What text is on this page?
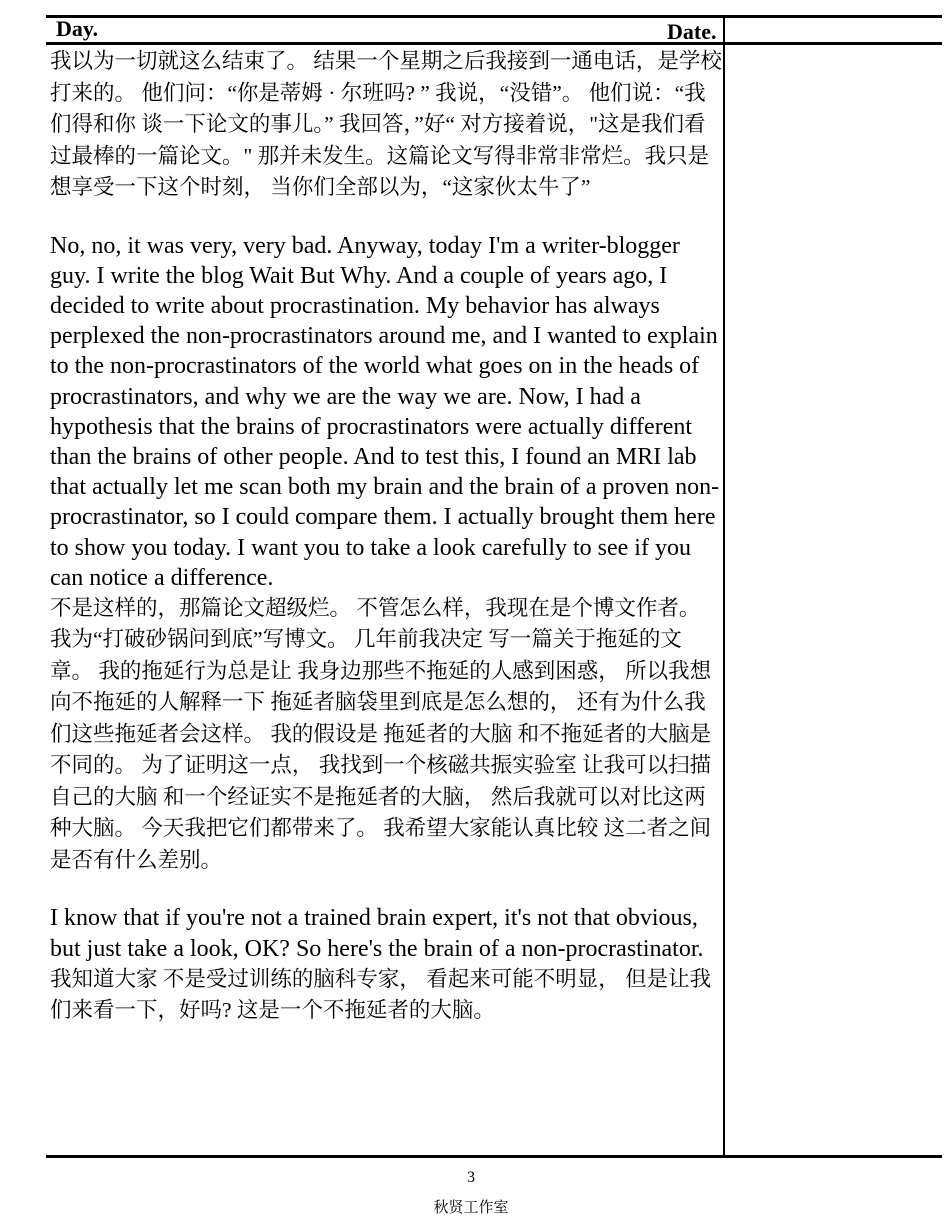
Day.	Date.

我以为一切就这么结束了。 结果一个星期之后我接到一通电话，是学校打来的。 他们问：“你是蒂姆 · 尔班吗? ” 我说，“没错”。 他们说：“我们得和你 谈一下论文的事儿。” 我回答，”好“ 对方接着说，"这是我们看过最棒的一篇论文。" 那并未发生。这篇论文写得非常非常烂。我只是想享受一下这个时刻， 当你们全部以为，“这家伙太牛了”

No, no, it was very, very bad. Anyway, today I'm a writer-blogger guy. I write the blog Wait But Why. And a couple of years ago, I decided to write about procrastination. My behavior has always perplexed the non-procrastinators around me, and I wanted to explain to the non-procrastinators of the world what goes on in the heads of procrastinators, and why we are the way we are. Now, I had a hypothesis that the brains of procrastinators were actually different than the brains of other people. And to test this, I found an MRI lab that actually let me scan both my brain and the brain of a proven non-procrastinator, so I could compare them. I actually brought them here to show you today. I want you to take a look carefully to see if you can notice a difference.

不是这样的，那篇论文超级烂。 不管怎么样，我现在是个博文作者。 我为“打破砂锅问到底”写博文。 几年前我决定 写一篇关于拖延的文章。 我的拖延行为总是让 我身边那些不拖延的人感到困惑， 所以我想向不拖延的人解释一下 拖延者脑袋里到底是怎么想的， 还有为什么我们这些拖延者会这样。 我的假设是 拖延者的大脑 和不拖延者的大脑是不同的。 为了证明这一点， 我找到一个核磁共振实验室 让我可以扫描自己的大脑 和一个经证实不是拖延者的大脑， 然后我就可以对比这两种大脑。 今天我把它们都带来了。 我希望大家能认真比较 这二者之间是否有什么差别。

I know that if you're not a trained brain expert, it's not that obvious, but just take a look, OK? So here's the brain of a non-procrastinator.

我知道大家 不是受过训练的脑科专家， 看起来可能不明显， 但是让我们来看一下，好吗? 这是一个不拖延者的大脑。

3
秋贤工作室
